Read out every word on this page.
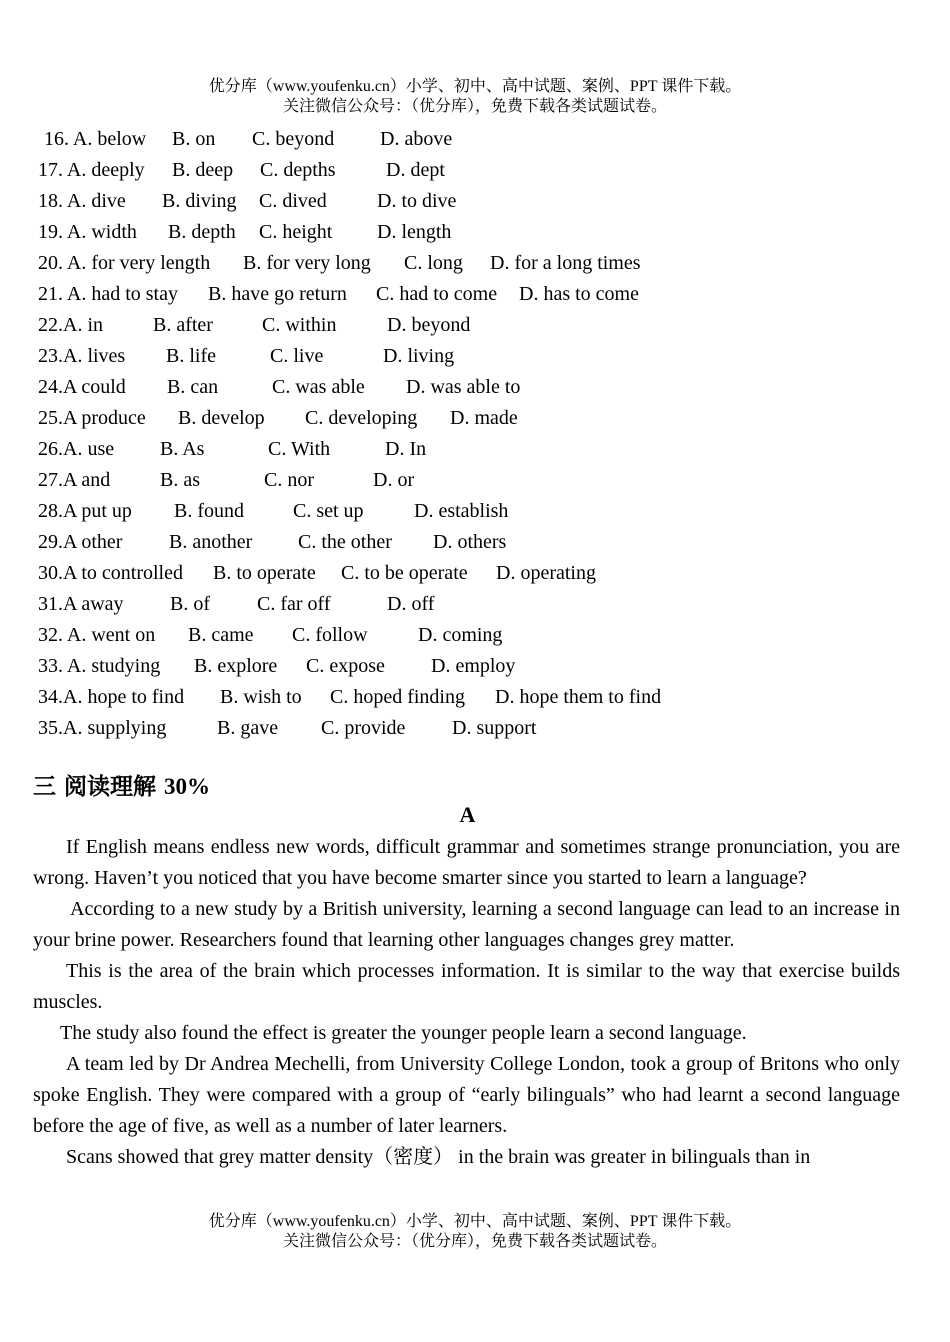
优分库（www.youfenku.cn）小学、初中、高中试题、案例、PPT 课件下载。
关注微信公众号：（优分库），免费下载各类试题试卷。
16. A. below B. on C. beyond D. above
17. A. deeply B. deep C. depths	D. dept
18. A. dive B. diving C. dived	D. to dive
19. A. width B. depth C. height D. length
20. A. for very length B. for very long C. long D. for a long times
21. A. had to stay B. have go return C. had to come D. has to come
22.A. in	B. after C. within	D. beyond
23.A. lives B. life	C. live	D. living
24.A could B. can	C. was able D. was able to
25.A produce B. develop C. developing D. made
26.A. use B. As	C. With	D. In
27.A and B. as	C. nor	D. or
28.A put up B. found C. set up	D. establish
29.A other B. another C. the other D. others
30.A to controlled B. to operate C. to be operate D. operating
31.A away B. of C. far off	D. off
32. A. went on B. came C. follow	D. coming
33. A. studying B. explore C. expose D. employ
34.A. hope to find B. wish to C. hoped finding D. hope them to find
35.A. supplying	B. gave C. provide D. support
三 阅读理解 30%
A

If English means endless new words, difficult grammar and sometimes strange pronunciation, you are wrong. Haven’t you noticed that you have become smarter since you started to learn a language?

According to a new study by a British university, learning a second language can lead to an increase in your brine power. Researchers found that learning other languages changes grey matter.

This is the area of the brain which processes information. It is similar to the way that exercise builds muscles.

The study also found the effect is greater the younger people learn a second language.

A team led by Dr Andrea Mechelli, from University College London, took a group of Britons who only spoke English. They were compared with a group of “early bilinguals” who had learnt a second language before the age of five, as well as a number of later learners.

Scans showed that grey matter density（密度） in the brain was greater in bilinguals than in

优分库（www.youfenku.cn）小学、初中、高中试题、案例、PPT 课件下载。
关注微信公众号：（优分库），免费下载各类试题试卷。
